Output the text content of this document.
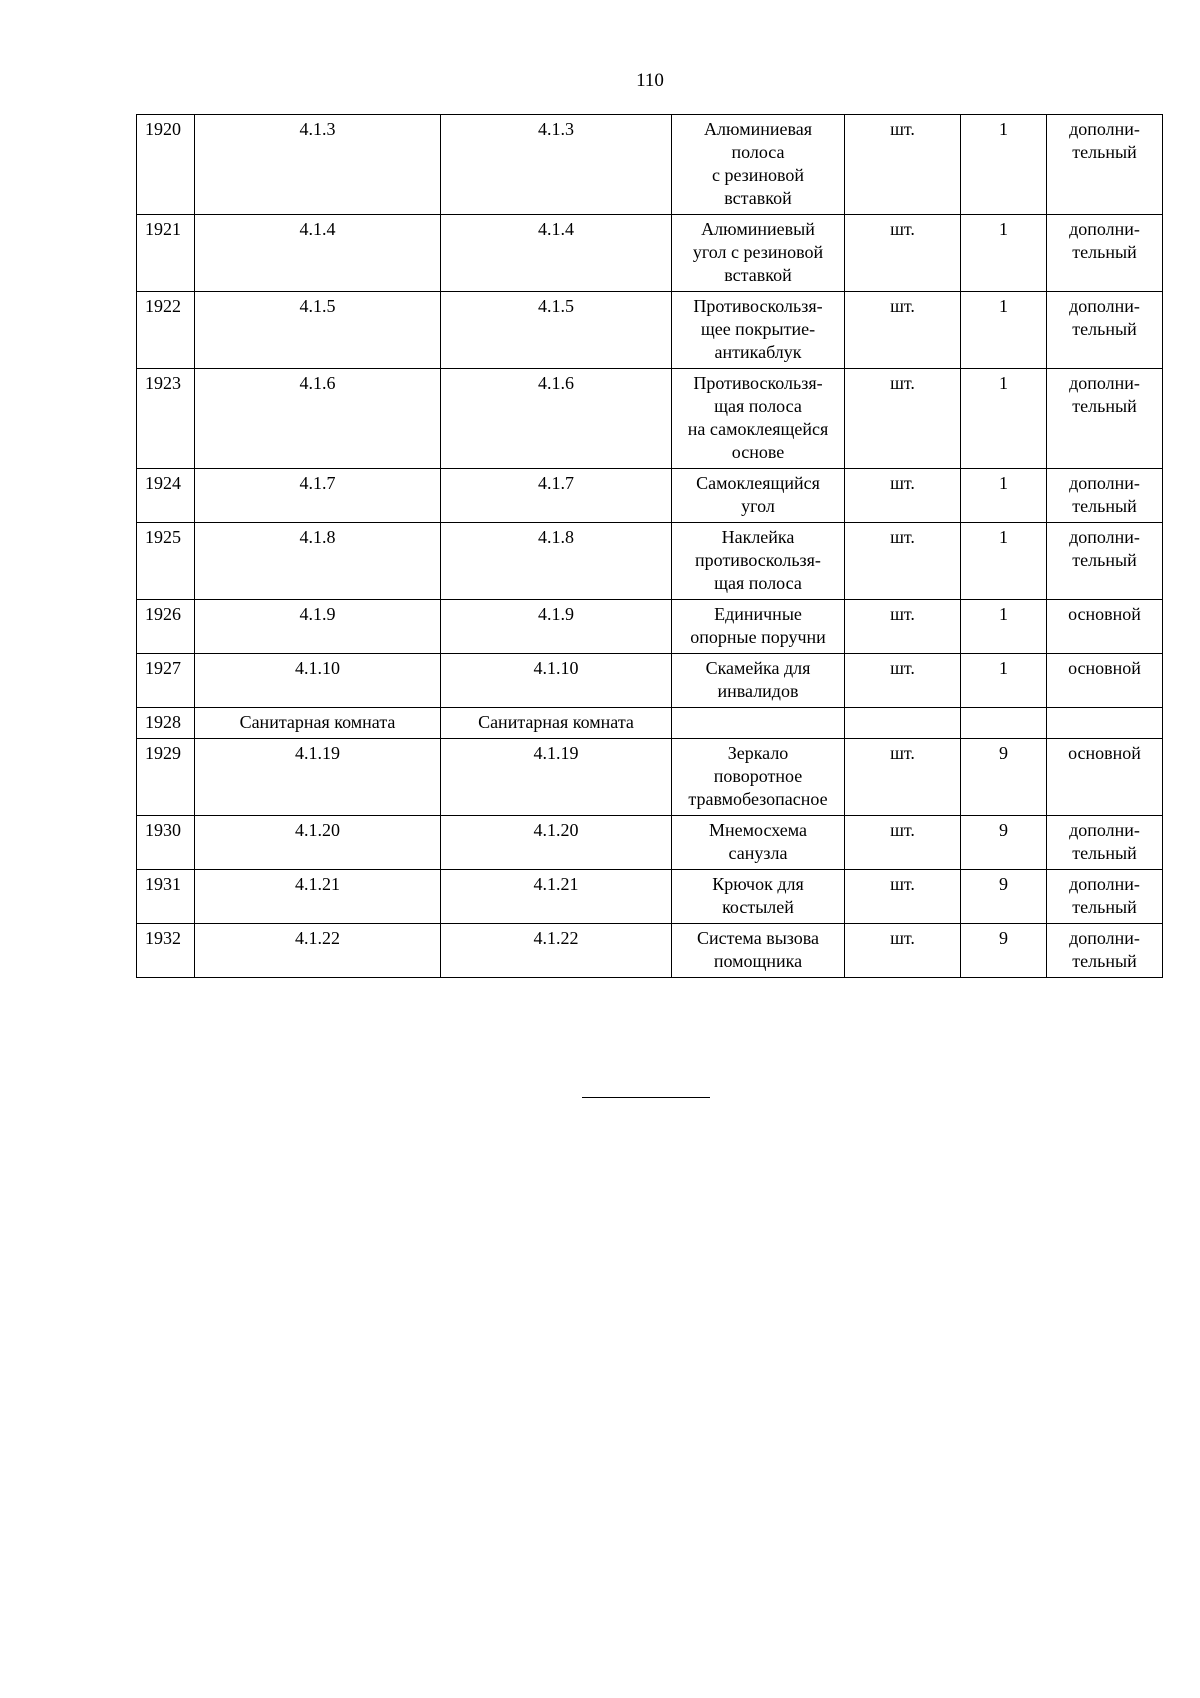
110
1920	4.1.3	4.1.3	Алюминиевая
полоса
с резиновой
вставкой	шт.	1	дополни-
тельный
1921	4.1.4	4.1.4	Алюминиевый
угол с резиновой
вставкой	шт.	1	дополни-
тельный
1922	4.1.5	4.1.5	Противоскользя-
щее покрытие-
антикаблук	шт.	1	дополни-
тельный
1923	4.1.6	4.1.6	Противоскользя-
щая полоса
на самоклеящейся
основе	шт.	1	дополни-
тельный
1924	4.1.7	4.1.7	Самоклеящийся
угол	шт.	1	дополни-
тельный
1925	4.1.8	4.1.8	Наклейка
противоскользя-
щая полоса	шт.	1	дополни-
тельный
1926	4.1.9	4.1.9	Единичные
опорные поручни	шт.	1	основной
1927	4.1.10	4.1.10	Скамейка для
инвалидов	шт.	1	основной
1928	Санитарная комната	Санитарная комната				
1929	4.1.19	4.1.19	Зеркало
поворотное
травмобезопасное	шт.	9	основной
1930	4.1.20	4.1.20	Мнемосхема
санузла	шт.	9	дополни-
тельный
1931	4.1.21	4.1.21	Крючок для
костылей	шт.	9	дополни-
тельный
1932	4.1.22	4.1.22	Система вызова
помощника	шт.	9	дополни-
тельный
